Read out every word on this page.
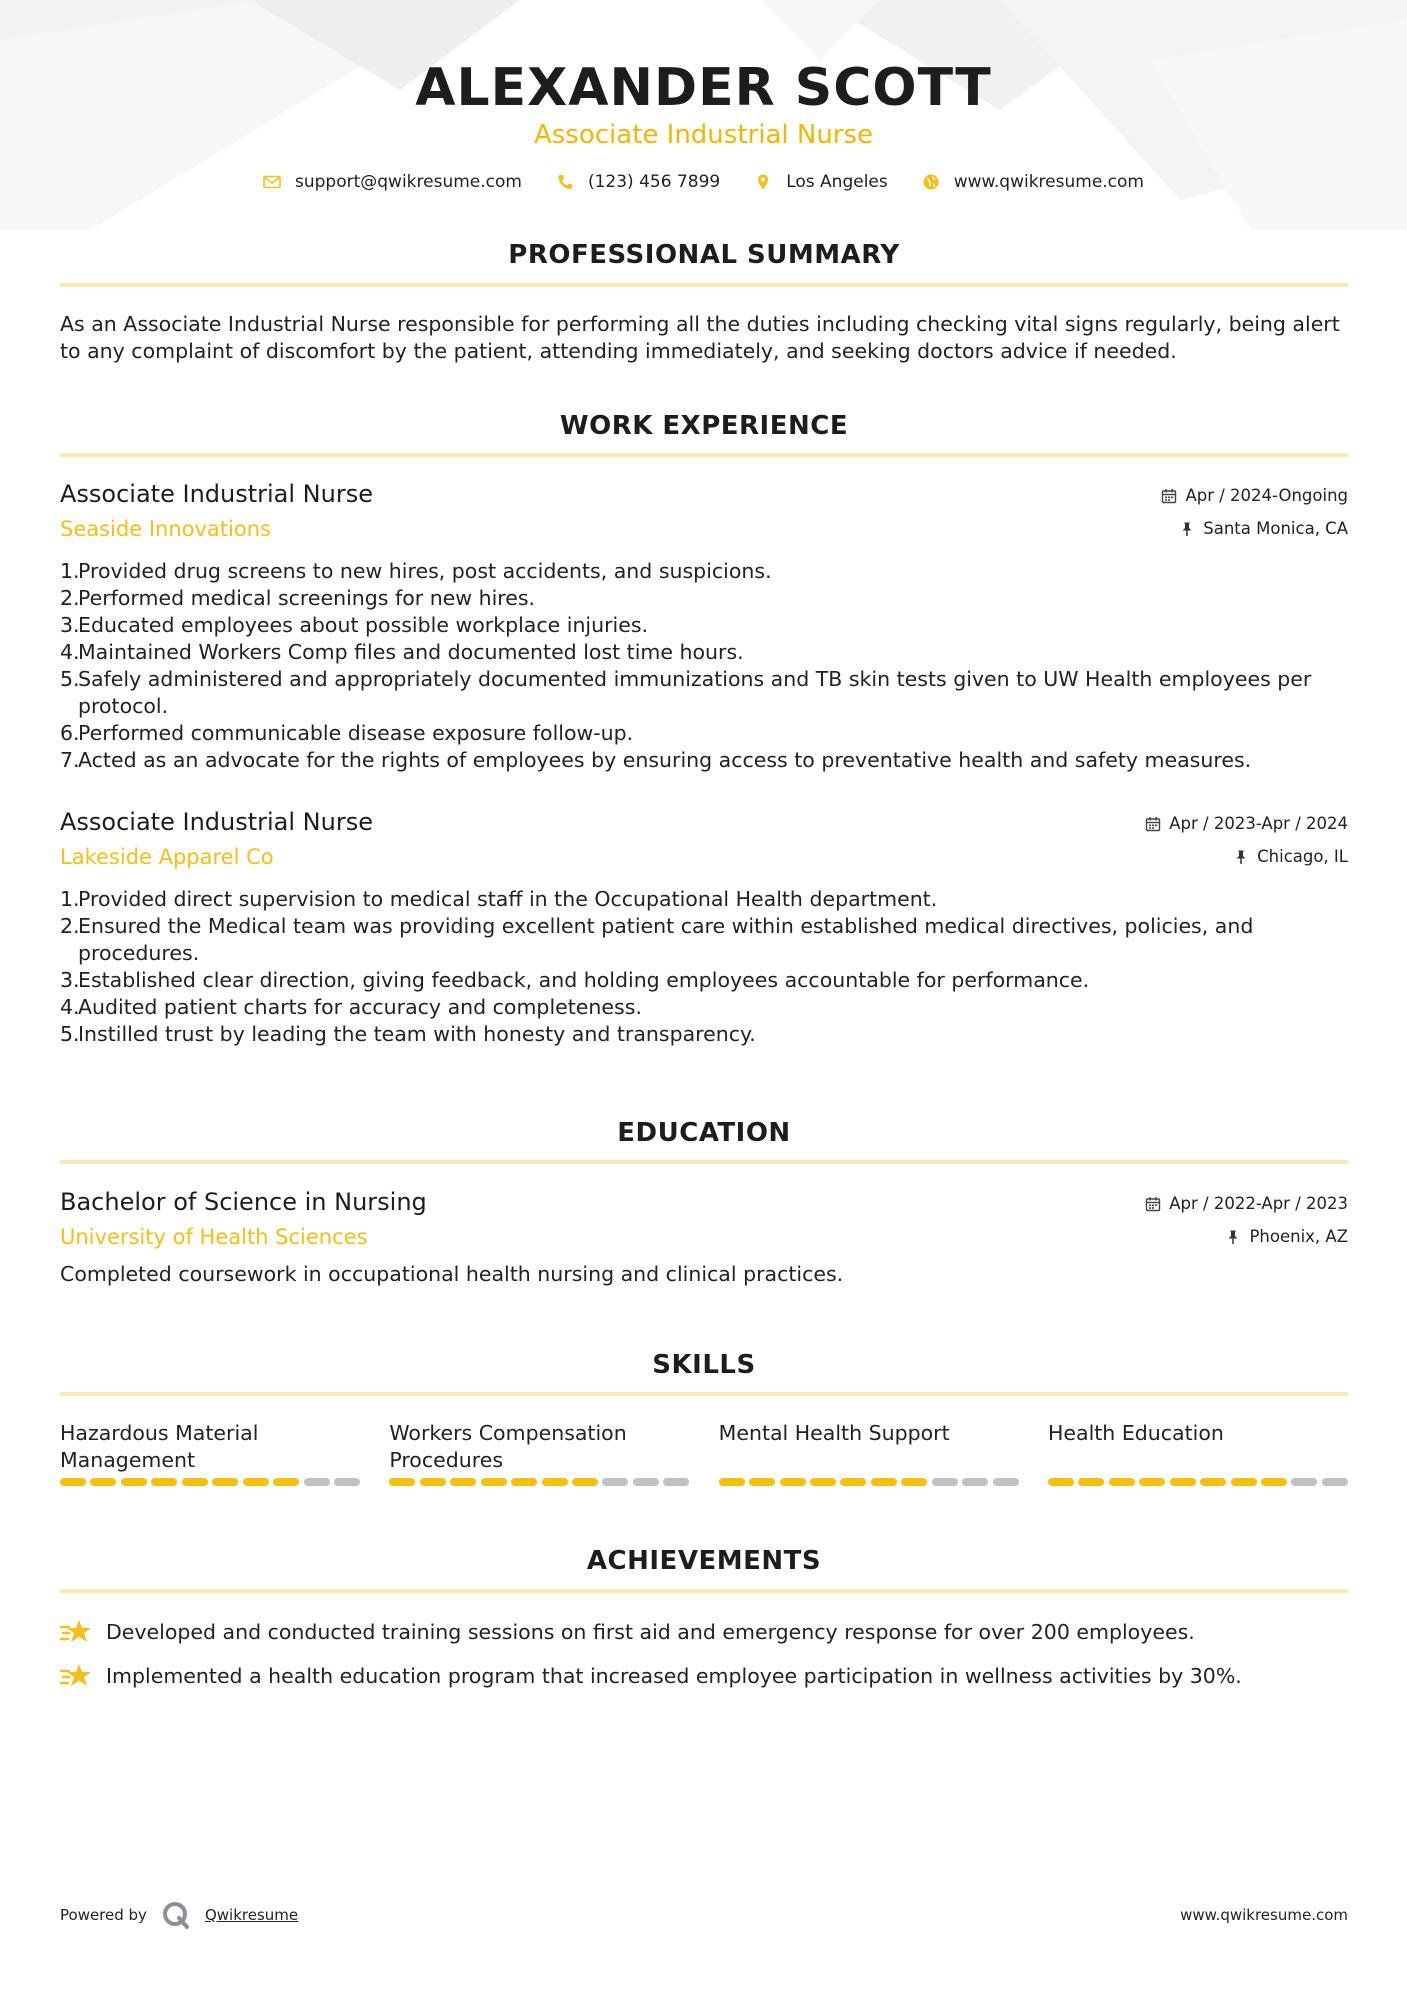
ALEXANDER SCOTT
Associate Industrial Nurse
support@qwikresume.com	(123) 456 7899	Los Angeles	www.qwikresume.com
PROFESSIONAL SUMMARY
As an Associate Industrial Nurse responsible for performing all the duties including checking vital signs regularly, being alert to any complaint of discomfort by the patient, attending immediately, and seeking doctors advice if needed.
WORK EXPERIENCE
Associate Industrial Nurse
Seaside Innovations
Apr / 2024-Ongoing
Santa Monica, CA
1.
Provided drug screens to new hires, post accidents, and suspicions.
2.
Performed medical screenings for new hires.
3.
Educated employees about possible workplace injuries.
4.
Maintained Workers Comp files and documented lost time hours.
5.
Safely administered and appropriately documented immunizations and TB skin tests given to UW Health employees per protocol.
6.
Performed communicable disease exposure follow-up.
7.
Acted as an advocate for the rights of employees by ensuring access to preventative health and safety measures.
Associate Industrial Nurse
Lakeside Apparel Co
Apr / 2023-Apr / 2024
Chicago, IL
1.
Provided direct supervision to medical staff in the Occupational Health department.
2.
Ensured the Medical team was providing excellent patient care within established medical directives, policies, and procedures.
3.
Established clear direction, giving feedback, and holding employees accountable for performance.
4.
Audited patient charts for accuracy and completeness.
5.
Instilled trust by leading the team with honesty and transparency.
EDUCATION
Bachelor of Science in Nursing
University of Health Sciences
Apr / 2022-Apr / 2023
Phoenix, AZ
Completed coursework in occupational health nursing and clinical practices.
SKILLS
Hazardous Material Management
Workers Compensation Procedures
Mental Health Support	Health Education
ACHIEVEMENTS
Developed and conducted training sessions on first aid and emergency response for over 200 employees.
Implemented a health education program that increased employee participation in wellness activities by 30%.
Powered by	Qwikresume	www.qwikresume.com
